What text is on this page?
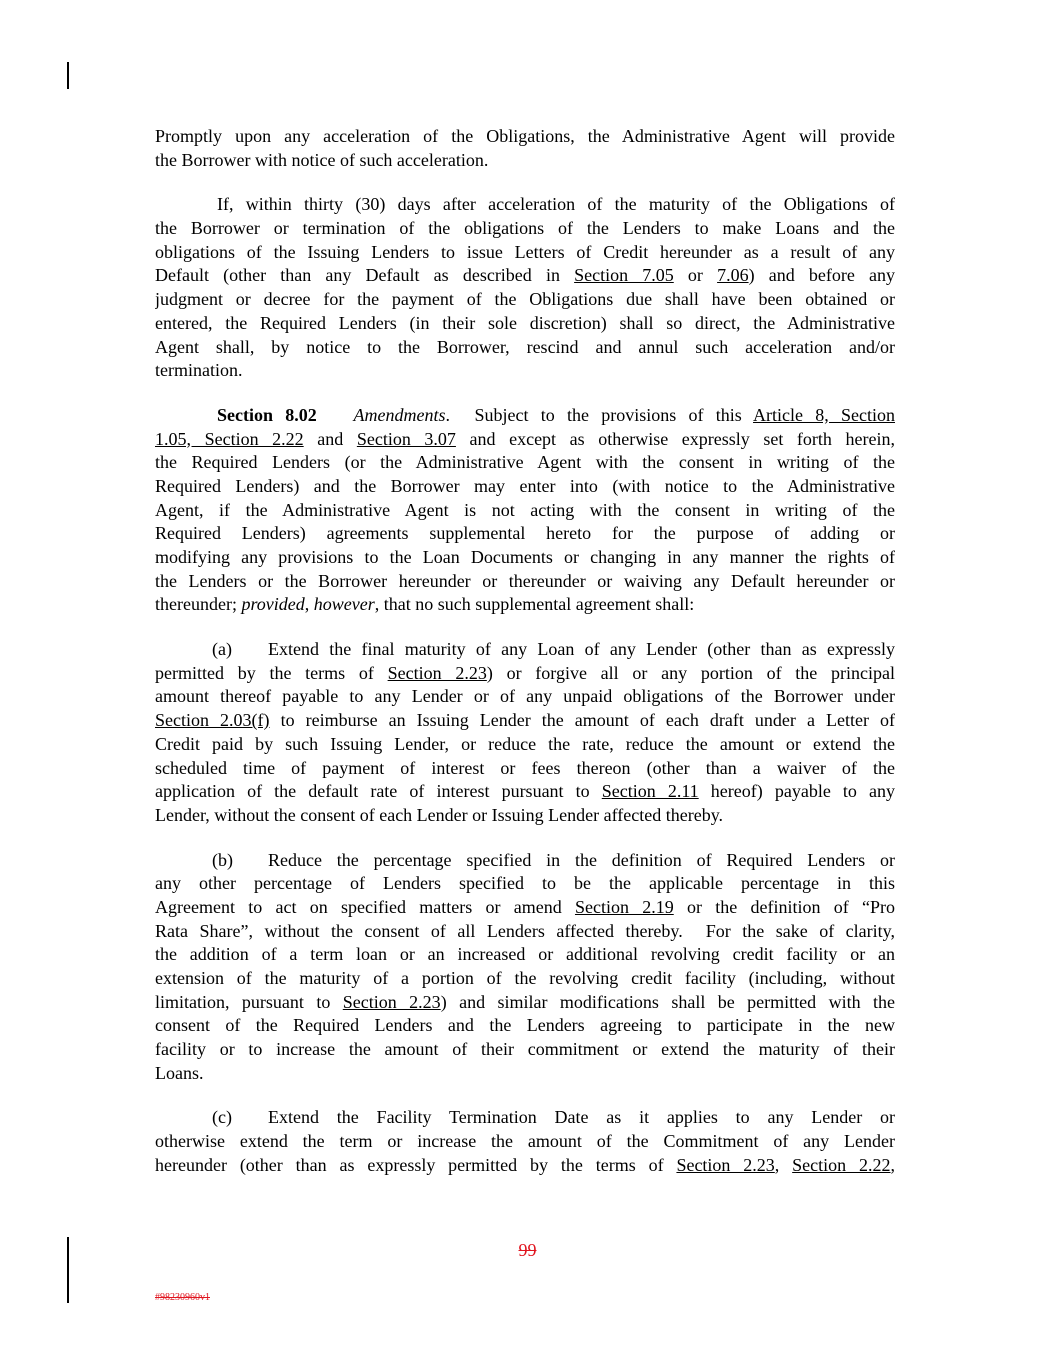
Promptly upon any acceleration of the Obligations, the Administrative Agent will provide
the Borrower with notice of such acceleration.
If, within thirty (30) days after acceleration of the maturity of the Obligations of
the Borrower or termination of the obligations of the Lenders to make Loans and the
obligations of the Issuing Lenders to issue Letters of Credit hereunder as a result of any
Default (other than any Default as described in Section 7.05 or 7.06) and before any
judgment or decree for the payment of the Obligations due shall have been obtained or
entered, the Required Lenders (in their sole discretion) shall so direct, the Administrative
Agent shall, by notice to the Borrower, rescind and annul such acceleration and/or
termination.
Section 8.02 Amendments.  Subject to the provisions of this Article 8, Section
1.05, Section 2.22 and Section 3.07 and except as otherwise expressly set forth herein,
the Required Lenders (or the Administrative Agent with the consent in writing of the
Required Lenders) and the Borrower may enter into (with notice to the Administrative
Agent, if the Administrative Agent is not acting with the consent in writing of the
Required Lenders) agreements supplemental hereto for the purpose of adding or
modifying any provisions to the Loan Documents or changing in any manner the rights of
the Lenders or the Borrower hereunder or thereunder or waiving any Default hereunder or
thereunder; provided, however, that no such supplemental agreement shall:
(a) Extend the final maturity of any Loan of any Lender (other than as expressly
permitted by the terms of Section 2.23) or forgive all or any portion of the principal
amount thereof payable to any Lender or of any unpaid obligations of the Borrower under
Section 2.03(f) to reimburse an Issuing Lender the amount of each draft under a Letter of
Credit paid by such Issuing Lender, or reduce the rate, reduce the amount or extend the
scheduled time of payment of interest or fees thereon (other than a waiver of the
application of the default rate of interest pursuant to Section 2.11 hereof) payable to any
Lender, without the consent of each Lender or Issuing Lender affected thereby.
(b) Reduce the percentage specified in the definition of Required Lenders or
any other percentage of Lenders specified to be the applicable percentage in this
Agreement to act on specified matters or amend Section 2.19 or the definition of “Pro
Rata Share”, without the consent of all Lenders affected thereby.  For the sake of clarity,
the addition of a term loan or an increased or additional revolving credit facility or an
extension of the maturity of a portion of the revolving credit facility (including, without
limitation, pursuant to Section 2.23) and similar modifications shall be permitted with the
consent of the Required Lenders and the Lenders agreeing to participate in the new
facility or to increase the amount of their commitment or extend the maturity of their
Loans.
(c) Extend the Facility Termination Date as it applies to any Lender or
otherwise extend the term or increase the amount of the Commitment of any Lender
hereunder (other than as expressly permitted by the terms of Section 2.23, Section 2.22,
99
#98230960v1
